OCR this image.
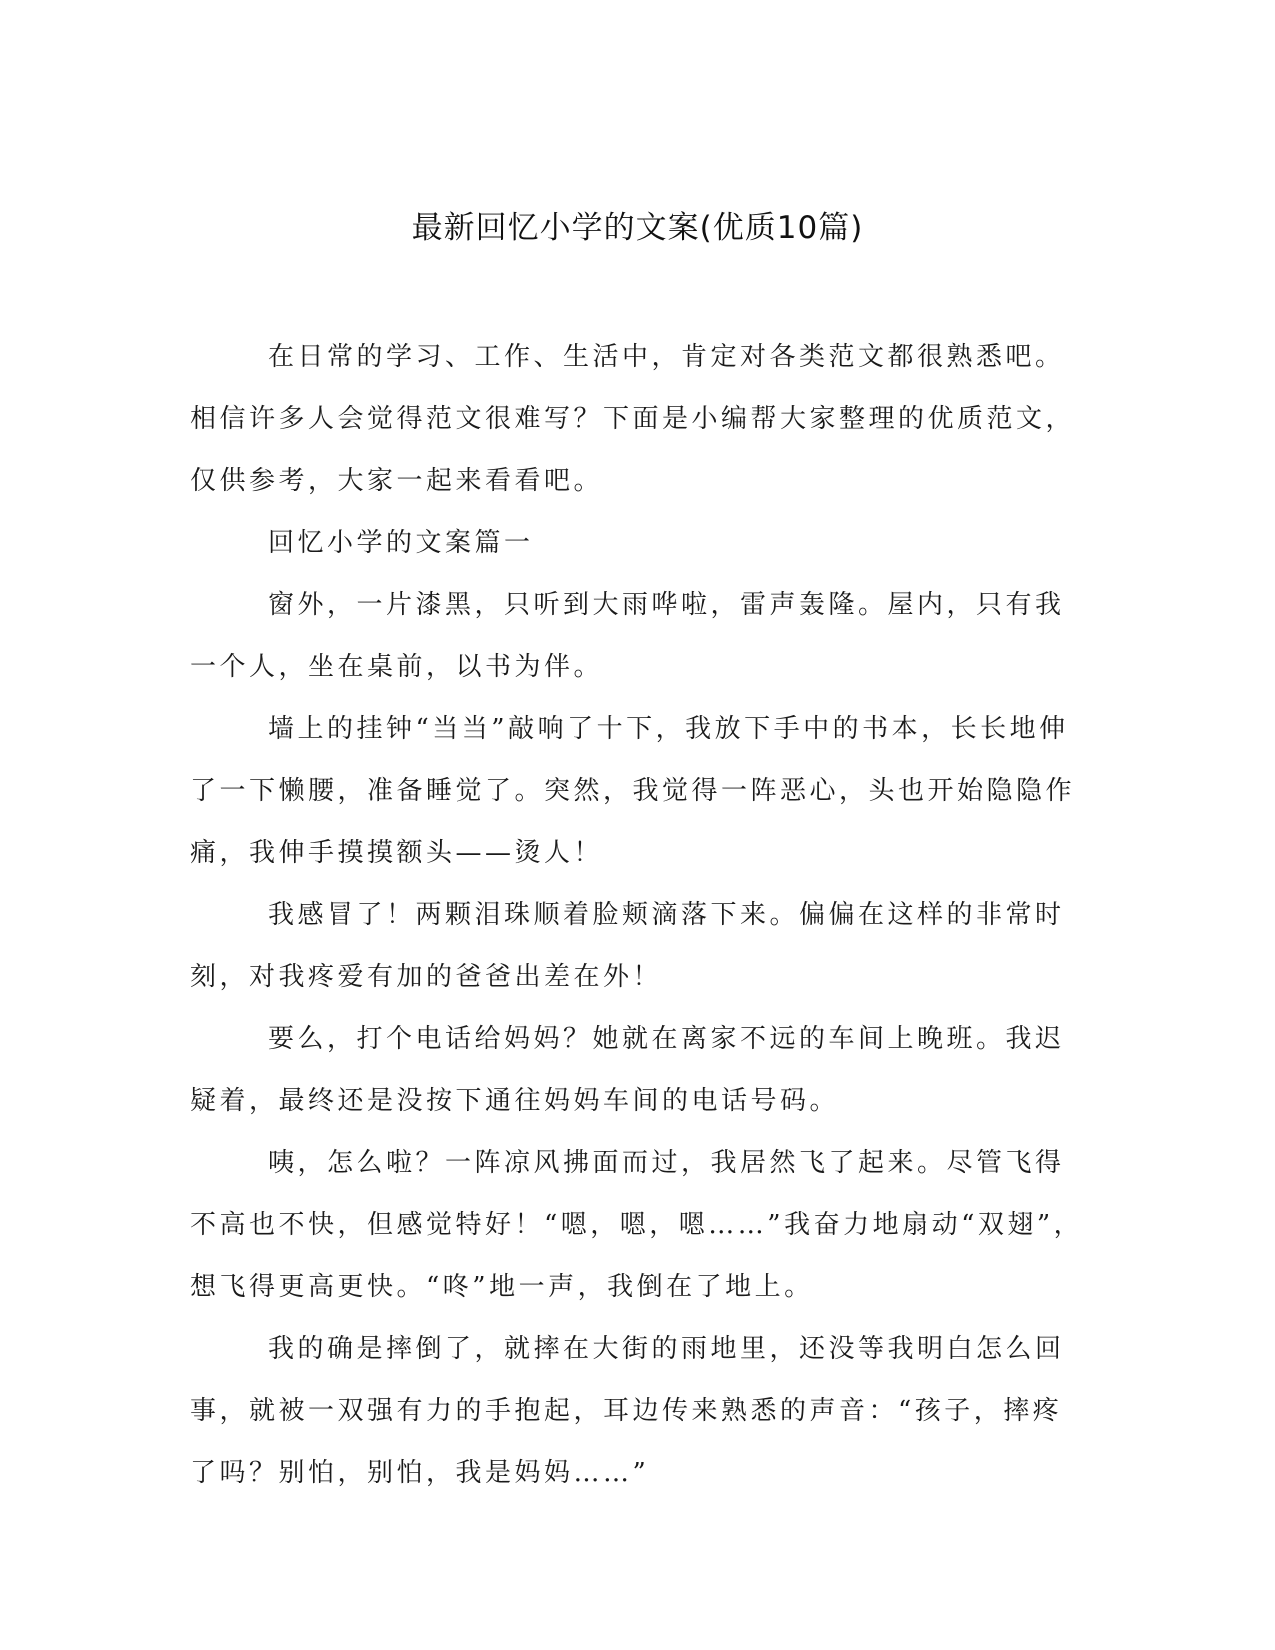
最新回忆小学的文案(优质10篇)

在日常的学习、工作、生活中，肯定对各类范文都很熟悉吧。相信许多人会觉得范文很难写？下面是小编帮大家整理的优质范文，仅供参考，大家一起来看看吧。

回忆小学的文案篇一

窗外，一片漆黑，只听到大雨哗啦，雷声轰隆。屋内，只有我一个人，坐在桌前，以书为伴。

墙上的挂钟“当当”敲响了十下，我放下手中的书本，长长地伸了一下懒腰，准备睡觉了。突然，我觉得一阵恶心，头也开始隐隐作痛，我伸手摸摸额头——烫人！

我感冒了！两颗泪珠顺着脸颊滴落下来。偏偏在这样的非常时刻，对我疼爱有加的爸爸出差在外！

要么，打个电话给妈妈？她就在离家不远的车间上晚班。我迟疑着，最终还是没按下通往妈妈车间的电话号码。

咦，怎么啦？一阵凉风拂面而过，我居然飞了起来。尽管飞得不高也不快，但感觉特好！“嗯，嗯，嗯……”我奋力地扇动“双翅”，想飞得更高更快。“咚”地一声，我倒在了地上。

我的确是摔倒了，就摔在大街的雨地里，还没等我明白怎么回事，就被一双强有力的手抱起，耳边传来熟悉的声音：“孩子，摔疼了吗？别怕，别怕，我是妈妈……”
